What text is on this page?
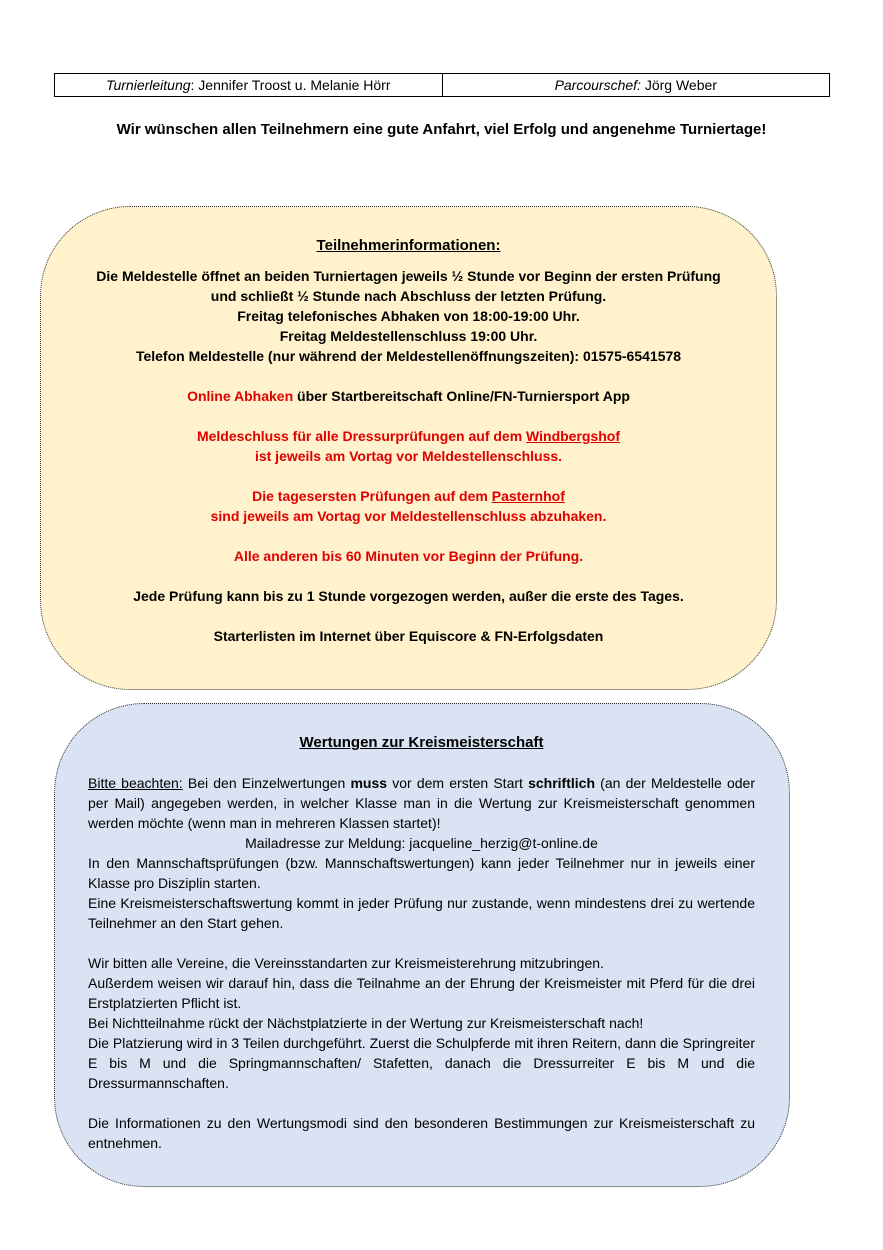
Turnierleitung : Jennifer Troost u. Melanie Hörr	Parcourschef: Jörg Weber
Wir wünschen allen Teilnehmern eine gute Anfahrt, viel Erfolg und angenehme Turniertage!
Teilnehmerinformationen:
Die Meldestelle öffnet an beiden Turniertagen jeweils ½ Stunde vor Beginn der ersten Prüfung
und schließt ½ Stunde nach Abschluss der letzten Prüfung.
Freitag telefonisches Abhaken von 18:00-19:00 Uhr.
Freitag Meldestellenschluss 19:00 Uhr.
Telefon Meldestelle (nur während der Meldestellenöffnungszeiten): 01575-6541578
Online Abhaken über Startbereitschaft Online/FN-Turniersport App
Meldeschluss für alle Dressurprüfungen auf dem Windbergshof
ist jeweils am Vortag vor Meldestellenschluss.
Die tagesersten Prüfungen auf dem Pasternhof
sind jeweils am Vortag vor Meldestellenschluss abzuhaken.
Alle anderen bis 60 Minuten vor Beginn der Prüfung.
Jede Prüfung kann bis zu 1 Stunde vorgezogen werden, außer die erste des Tages.
Starterlisten im Internet über Equiscore & FN-Erfolgsdaten
Wertungen zur Kreismeisterschaft

Bitte beachten: Bei den Einzelwertungen muss vor dem ersten Start schriftlich (an der Meldestelle oder per Mail) angegeben werden, in welcher Klasse man in die Wertung zur Kreismeisterschaft genommen werden möchte (wenn man in mehreren Klassen startet)!

Mailadresse zur Meldung: jacqueline_herzig@t-online.de

In den Mannschaftsprüfungen (bzw. Mannschaftswertungen) kann jeder Teilnehmer nur in jeweils einer Klasse pro Disziplin starten.

Eine Kreismeisterschaftswertung kommt in jeder Prüfung nur zustande, wenn mindestens drei zu wertende Teilnehmer an den Start gehen.

Wir bitten alle Vereine, die Vereinsstandarten zur Kreismeisterehrung mitzubringen.

Außerdem weisen wir darauf hin, dass die Teilnahme an der Ehrung der Kreismeister mit Pferd für die drei Erstplatzierten Pflicht ist.

Bei Nichtteilnahme rückt der Nächstplatzierte in der Wertung zur Kreismeisterschaft nach!

Die Platzierung wird in 3 Teilen durchgeführt. Zuerst die Schulpferde mit ihren Reitern, dann die Springreiter E bis M und die Springmannschaften/ Stafetten, danach die Dressurreiter E bis M und die Dressurmannschaften.

Die Informationen zu den Wertungsmodi sind den besonderen Bestimmungen zur Kreismeisterschaft zu entnehmen.
